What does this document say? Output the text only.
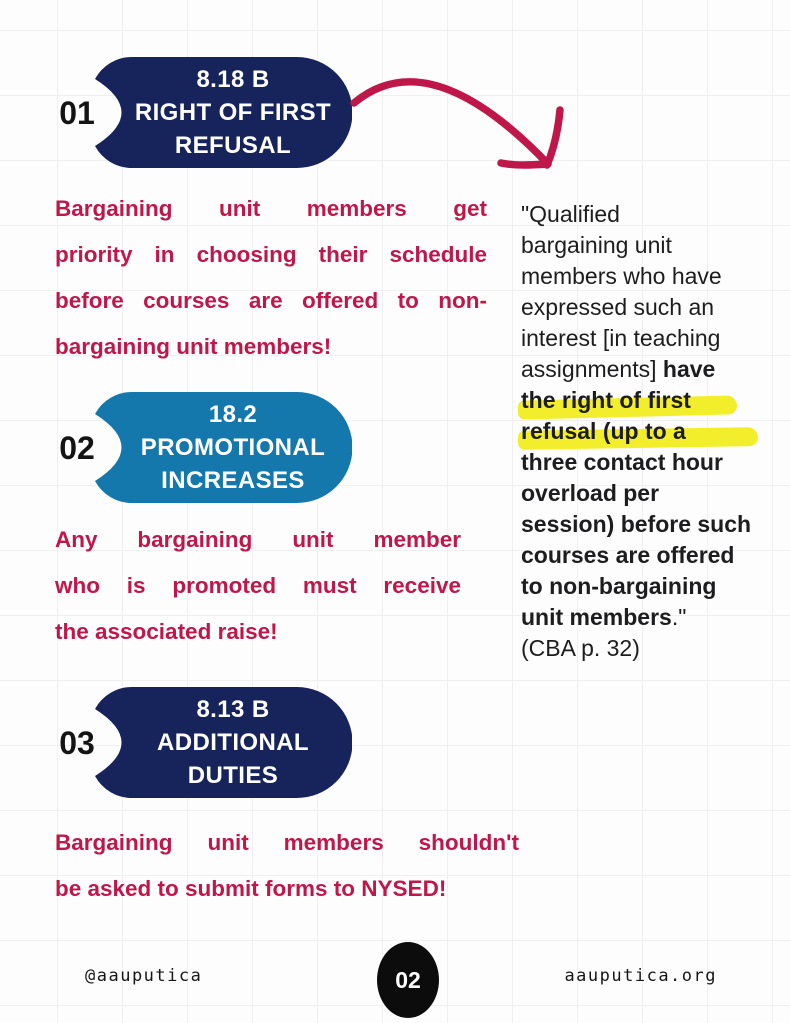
01
8.18 B
RIGHT OF FIRST
REFUSAL
Bargaining unit members get
priority in choosing their schedule
before courses are offered to non-
bargaining unit members!
"Qualified
bargaining unit
members who have
expressed such an
interest [in teaching
assignments] have
the right of first
refusal (up to a
three contact hour
overload per
session) before such
courses are offered
to non-bargaining
unit members."
(CBA p. 32)
02
18.2
PROMOTIONAL
INCREASES
Any bargaining unit member
who is promoted must receive
the associated raise!
03
8.13 B
ADDITIONAL
DUTIES
Bargaining unit members shouldn't
be asked to submit forms to NYSED!
@aauputica	02	aauputica.org
